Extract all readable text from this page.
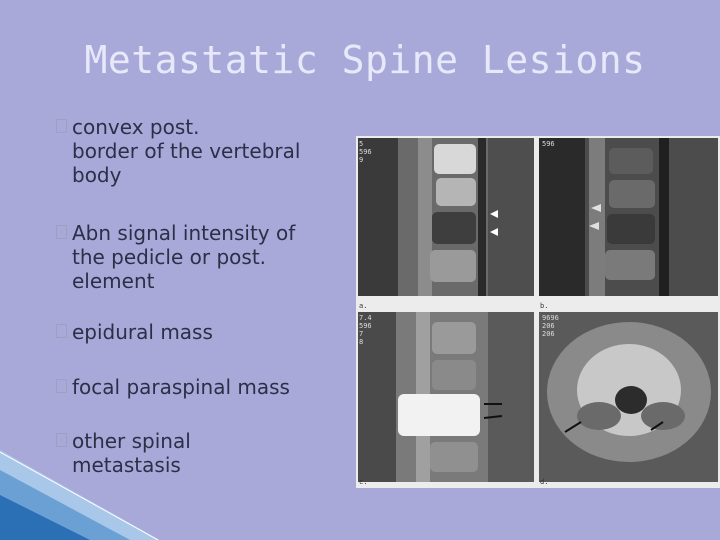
Metastatic Spine Lesions
convex post.
border of the vertebral
body
Abn signal intensity of
the pedicle or post.
element
epidural mass
focal paraspinal mass
other spinal
metastasis
a.	b.
c.	d.
5
596
9
596
7.4
596
7
8
9696
206
206
